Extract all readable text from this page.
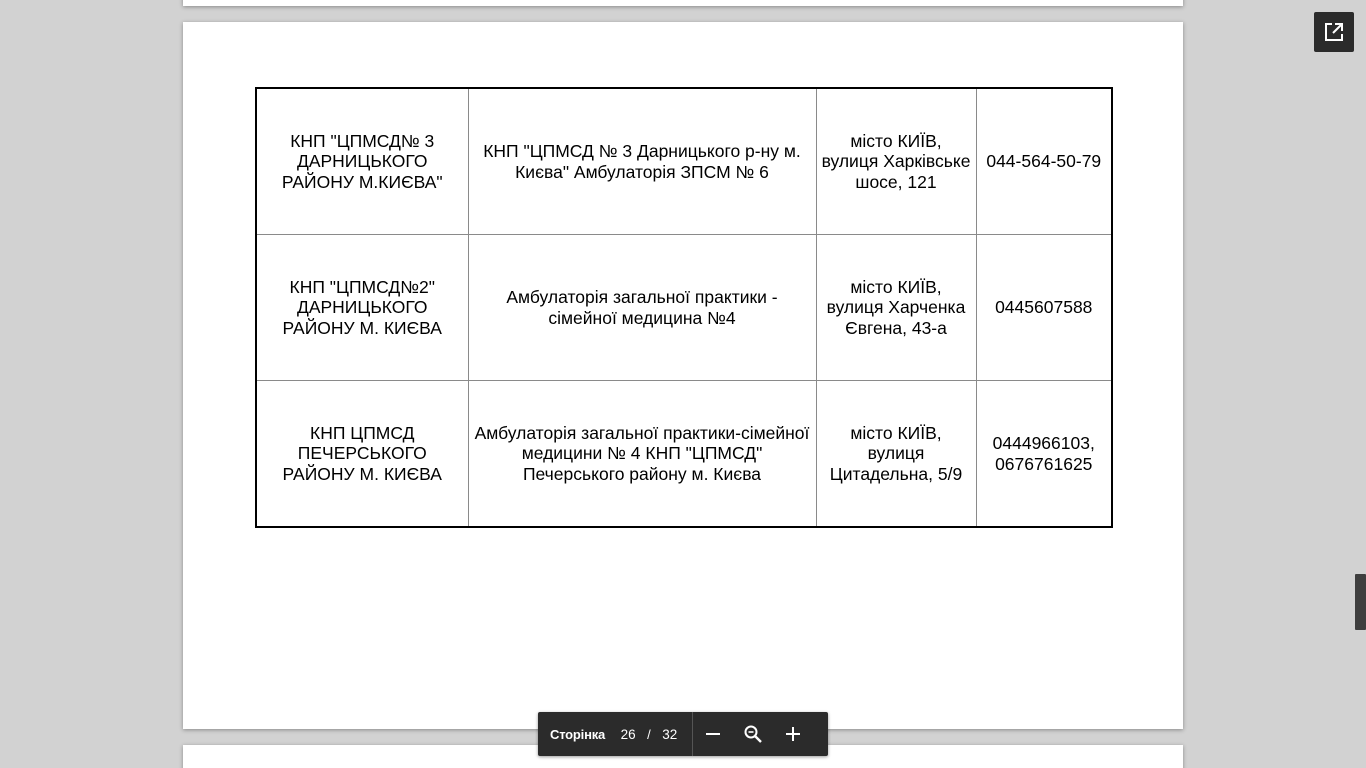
КНП "ЦПМСД№ 3 ДАРНИЦЬКОГО РАЙОНУ М.КИЄВА"	КНП "ЦПМСД № 3 Дарницького р-ну м. Києва" Амбулаторія ЗПСМ № 6	місто КИЇВ, вулиця Харківське шосе, 121	044-564-50-79
КНП "ЦПМСД№2" ДАРНИЦЬКОГО РАЙОНУ М. КИЄВА	Амбулаторія загальної практики - сімейної медицина №4	місто КИЇВ, вулиця Харченка Євгена, 43-а	0445607588
КНП ЦПМСД ПЕЧЕРСЬКОГО РАЙОНУ М. КИЄВА	Амбулаторія загальної практики-сімейної медицини № 4 КНП "ЦПМСД" Печерського району м. Києва	місто КИЇВ, вулиця Цитадельна, 5/9	0444966103, 0676761625
Сторінка	26 / 32
